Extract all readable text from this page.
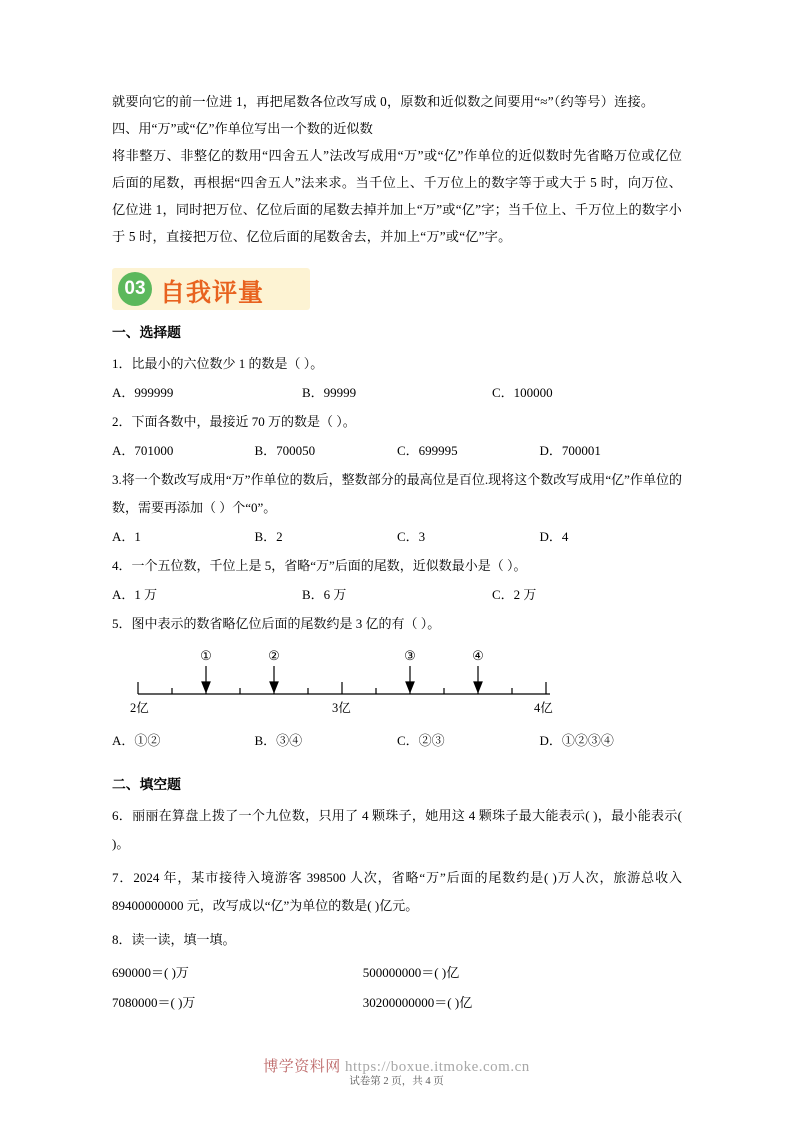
就要向它的前一位进 1，再把尾数各位改写成 0，原数和近似数之间要用“≈”（约等号）连接。

四、用“万”或“亿”作单位写出一个数的近似数

将非整万、非整亿的数用“四舍五人”法改写成用“万”或“亿”作单位的近似数时先省略万位或亿位后面的尾数，再根据“四舍五人”法来求。当千位上、千万位上的数字等于或大于 5 时，向万位、亿位进 1，同时把万位、亿位后面的尾数去掉并加上“万”或“亿”字；当千位上、千万位上的数字小于 5 时，直接把万位、亿位后面的尾数舍去，并加上“万”或“亿”字。

03 自我评量

一、选择题

1．比最小的六位数少 1 的数是（ ）。

A．999999	B．99999	C．100000

2．下面各数中，最接近 70 万的数是（ ）。

A．701000	B．700050	C．699995	D．700001

3.将一个数改写成用“万”作单位的数后，整数部分的最高位是百位.现将这个数改写成用“亿”作单位的数，需要再添加（ ）个“0”。

A．1	B．2	C．3	D．4

4．一个五位数，千位上是 5，省略“万”后面的尾数，近似数最小是（ ）。

A．1 万	B．6 万	C．2 万

5．图中表示的数省略亿位后面的尾数约是 3 亿的有（ ）。

①	②	③	④
2亿	3亿	4亿
A．①②	B．③④	C．②③	D．①②③④

二、填空题

6．丽丽在算盘上拨了一个九位数，只用了 4 颗珠子，她用这 4 颗珠子最大能表示( )，最小能表示( )。

7．2024 年，某市接待入境游客 398500 人次，省略“万”后面的尾数约是( )万人次，旅游总收入 89400000000 元，改写成以“亿”为单位的数是( )亿元。

8．读一读，填一填。

690000＝( )万	500000000＝( )亿
7080000＝( )万	30200000000＝( )亿
博学资料网 https://boxue.itmoke.com.cn
试卷第 2 页，共 4 页
